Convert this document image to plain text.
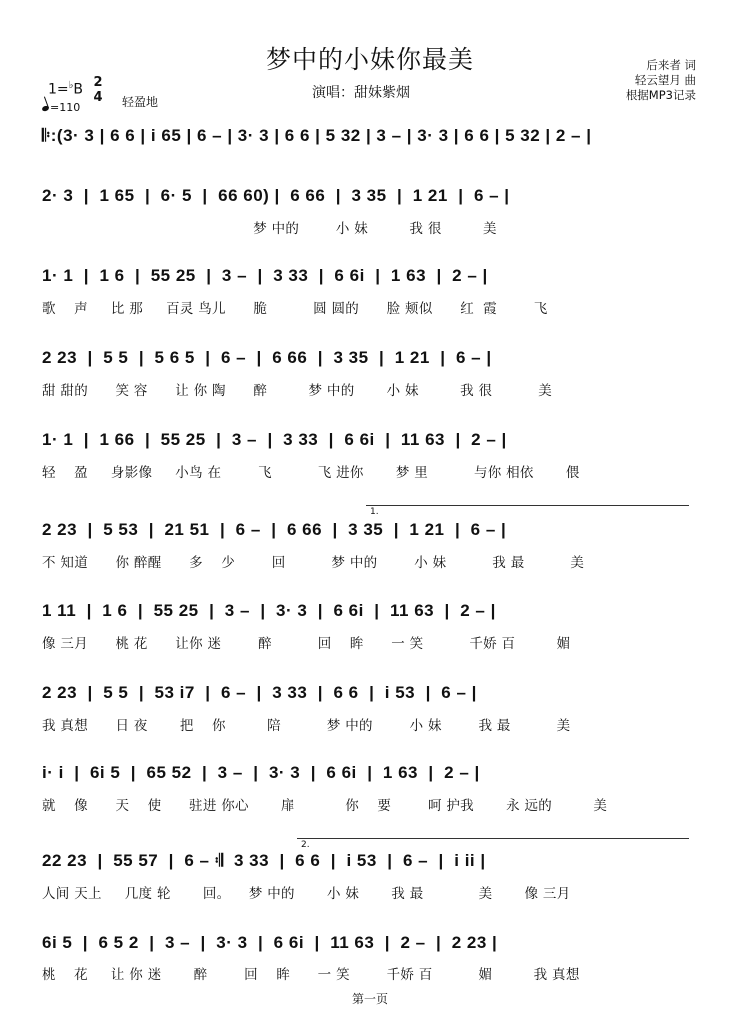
梦中的小妹你最美
演唱：甜妹紫烟
后来者 词
轻云望月 曲
根据MP3记录
1=♭B 2
4 轻盈地
=110
𝄆:(3· 3 | 6 6 | i 65 | 6 – | 3· 3 | 6 6 | 5 32 | 3 – | 3· 3 | 6 6 | 5 32 | 2 – |
2· 3  |  1 65  |  6· 5  |  66 60) |  6 66  |  3 35  |  1 21  |  6 – |
梦 中的        小 妹         我 很         美
1· 1  |  1 6  |  55 25  |  3 –  |  3 33  |  6 6i  |  1 63  |  2 – |
歌    声     比 那     百灵 鸟儿      脆          圆 圆的      脸 颊似      红  霞        飞
2 23  |  5 5  |  5 6 5  |  6 –  |  6 66  |  3 35  |  1 21  |  6 – |
甜 甜的      笑 容      让 你 陶      醉         梦 中的       小 妹         我 很          美
1· 1  |  1 66  |  55 25  |  3 –  |  3 33  |  6 6i  |  11 63  |  2 – |
轻    盈     身影像     小鸟 在        飞          飞 进你       梦 里          与你 相依       偎
1.
2 23  |  5 53  |  21 51  |  6 –  |  6 66  |  3 35  |  1 21  |  6 – |
不 知道      你 醉醒      多    少        回          梦 中的        小 妹          我 最          美
1 11  |  1 6  |  55 25  |  3 –  |  3· 3  |  6 6i  |  11 63  |  2 – |
像 三月      桃 花      让你 迷        醉          回    眸      一 笑          千娇 百         媚
2 23  |  5 5  |  53 i7  |  6 –  |  3 33  |  6 6  |  i 53  |  6 – |
我 真想      日 夜       把    你         陪          梦 中的        小 妹        我 最          美
i· i  |  6i 5  |  65 52  |  3 –  |  3· 3  |  6 6i  |  1 63  |  2 – |
就    像      天    使      驻进 你心       扉           你    要        呵 护我       永 远的         美
2.
22 23  |  55 57  |  6 – 𝄇  3 33  |  6 6  |  i 53  |  6 –  |  i ii |
人间 天上     几度 轮       回。    梦 中的       小 妹       我 最            美       像 三月
6i 5  |  6 5 2  |  3 –  |  3· 3  |  6 6i  |  11 63  |  2 –  |  2 23 |
桃    花     让 你 迷       醉        回    眸      一 笑        千娇 百          媚         我 真想
第一页
